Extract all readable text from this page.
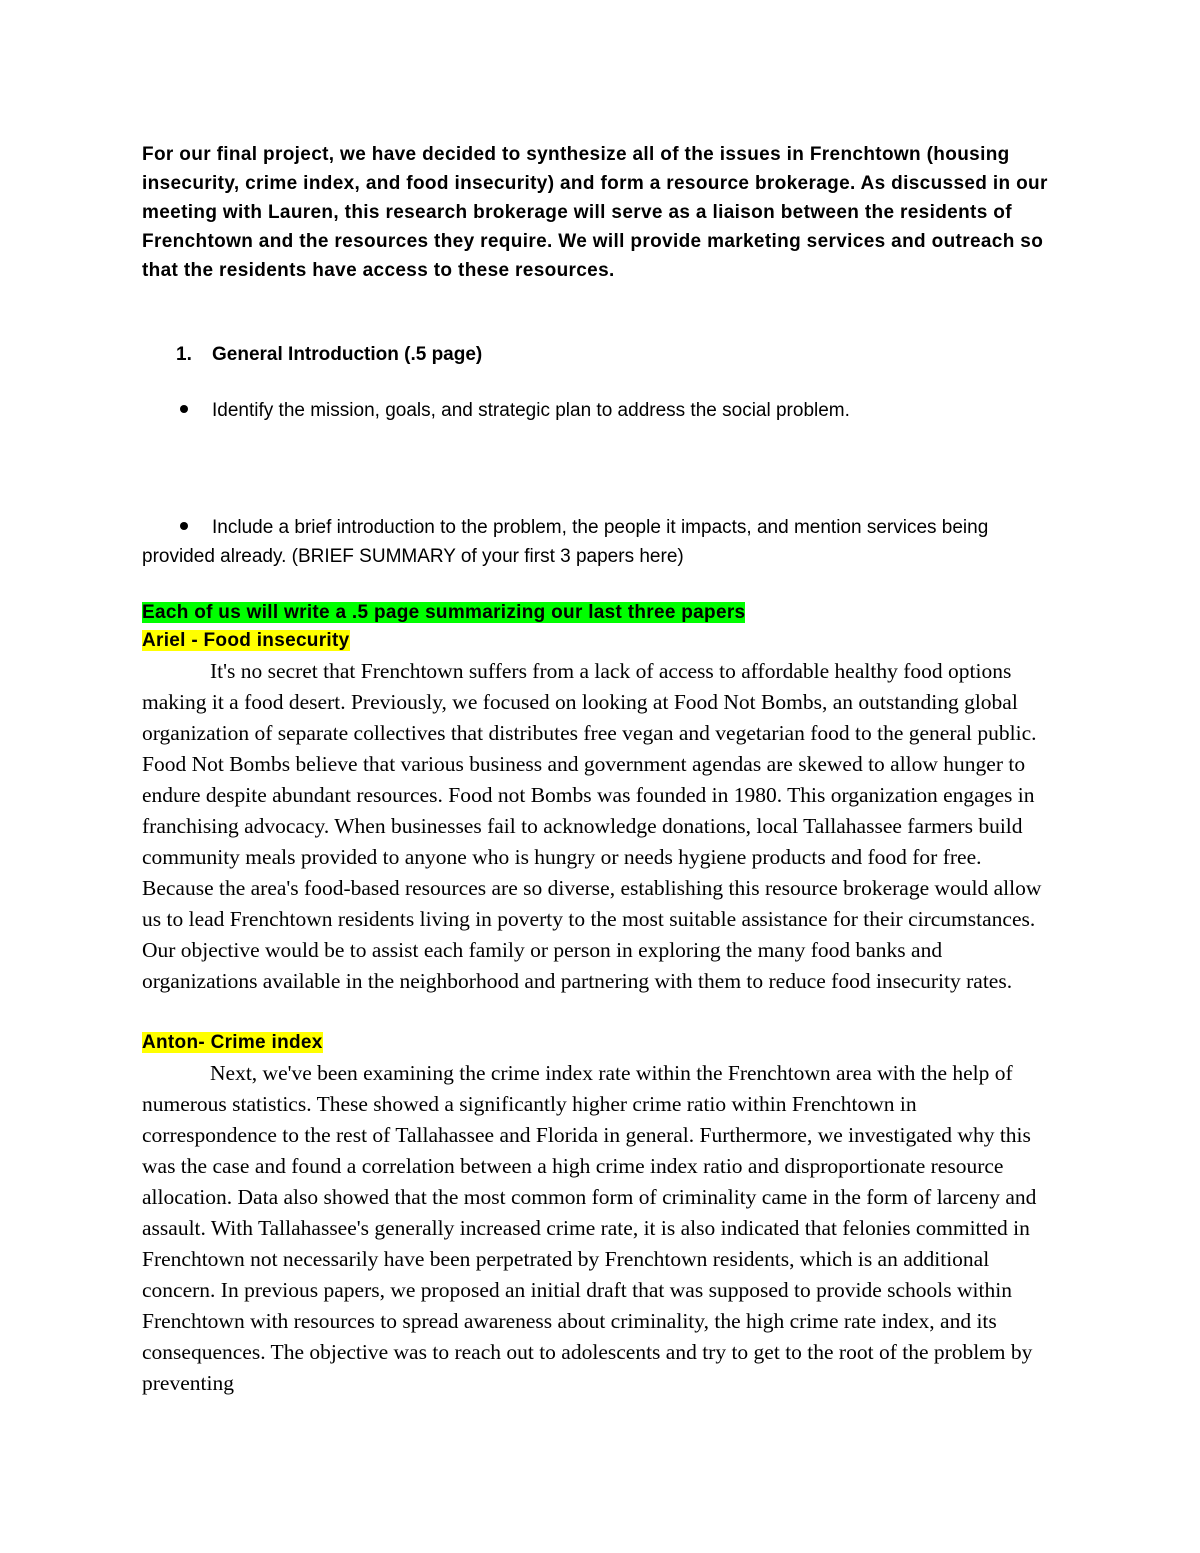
For our final project, we have decided to synthesize all of the issues in Frenchtown (housing insecurity, crime index, and food insecurity) and form a resource brokerage. As discussed in our meeting with Lauren, this research brokerage will serve as a liaison between the residents of Frenchtown and the resources they require. We will provide marketing services and outreach so that the residents have access to these resources.

1. General Introduction (.5 page)
Identify the mission, goals, and strategic plan to address the social problem.
Include a brief introduction to the problem, the people it impacts, and mention services being provided already. (BRIEF SUMMARY of your first 3 papers here)
Each of us will write a .5 page summarizing our last three papers
Ariel - Food insecurity

It's no secret that Frenchtown suffers from a lack of access to affordable healthy food options making it a food desert. Previously, we focused on looking at Food Not Bombs, an outstanding global organization of separate collectives that distributes free vegan and vegetarian food to the general public. Food Not Bombs believe that various business and government agendas are skewed to allow hunger to endure despite abundant resources. Food not Bombs was founded in 1980. This organization engages in franchising advocacy. When businesses fail to acknowledge donations, local Tallahassee farmers build community meals provided to anyone who is hungry or needs hygiene products and food for free. Because the area's food-based resources are so diverse, establishing this resource brokerage would allow us to lead Frenchtown residents living in poverty to the most suitable assistance for their circumstances. Our objective would be to assist each family or person in exploring the many food banks and organizations available in the neighborhood and partnering with them to reduce food insecurity rates.

Anton- Crime index

Next, we've been examining the crime index rate within the Frenchtown area with the help of numerous statistics. These showed a significantly higher crime ratio within Frenchtown in correspondence to the rest of Tallahassee and Florida in general. Furthermore, we investigated why this was the case and found a correlation between a high crime index ratio and disproportionate resource allocation. Data also showed that the most common form of criminality came in the form of larceny and assault. With Tallahassee's generally increased crime rate, it is also indicated that felonies committed in Frenchtown not necessarily have been perpetrated by Frenchtown residents, which is an additional concern. In previous papers, we proposed an initial draft that was supposed to provide schools within Frenchtown with resources to spread awareness about criminality, the high crime rate index, and its consequences. The objective was to reach out to adolescents and try to get to the root of the problem by preventing
